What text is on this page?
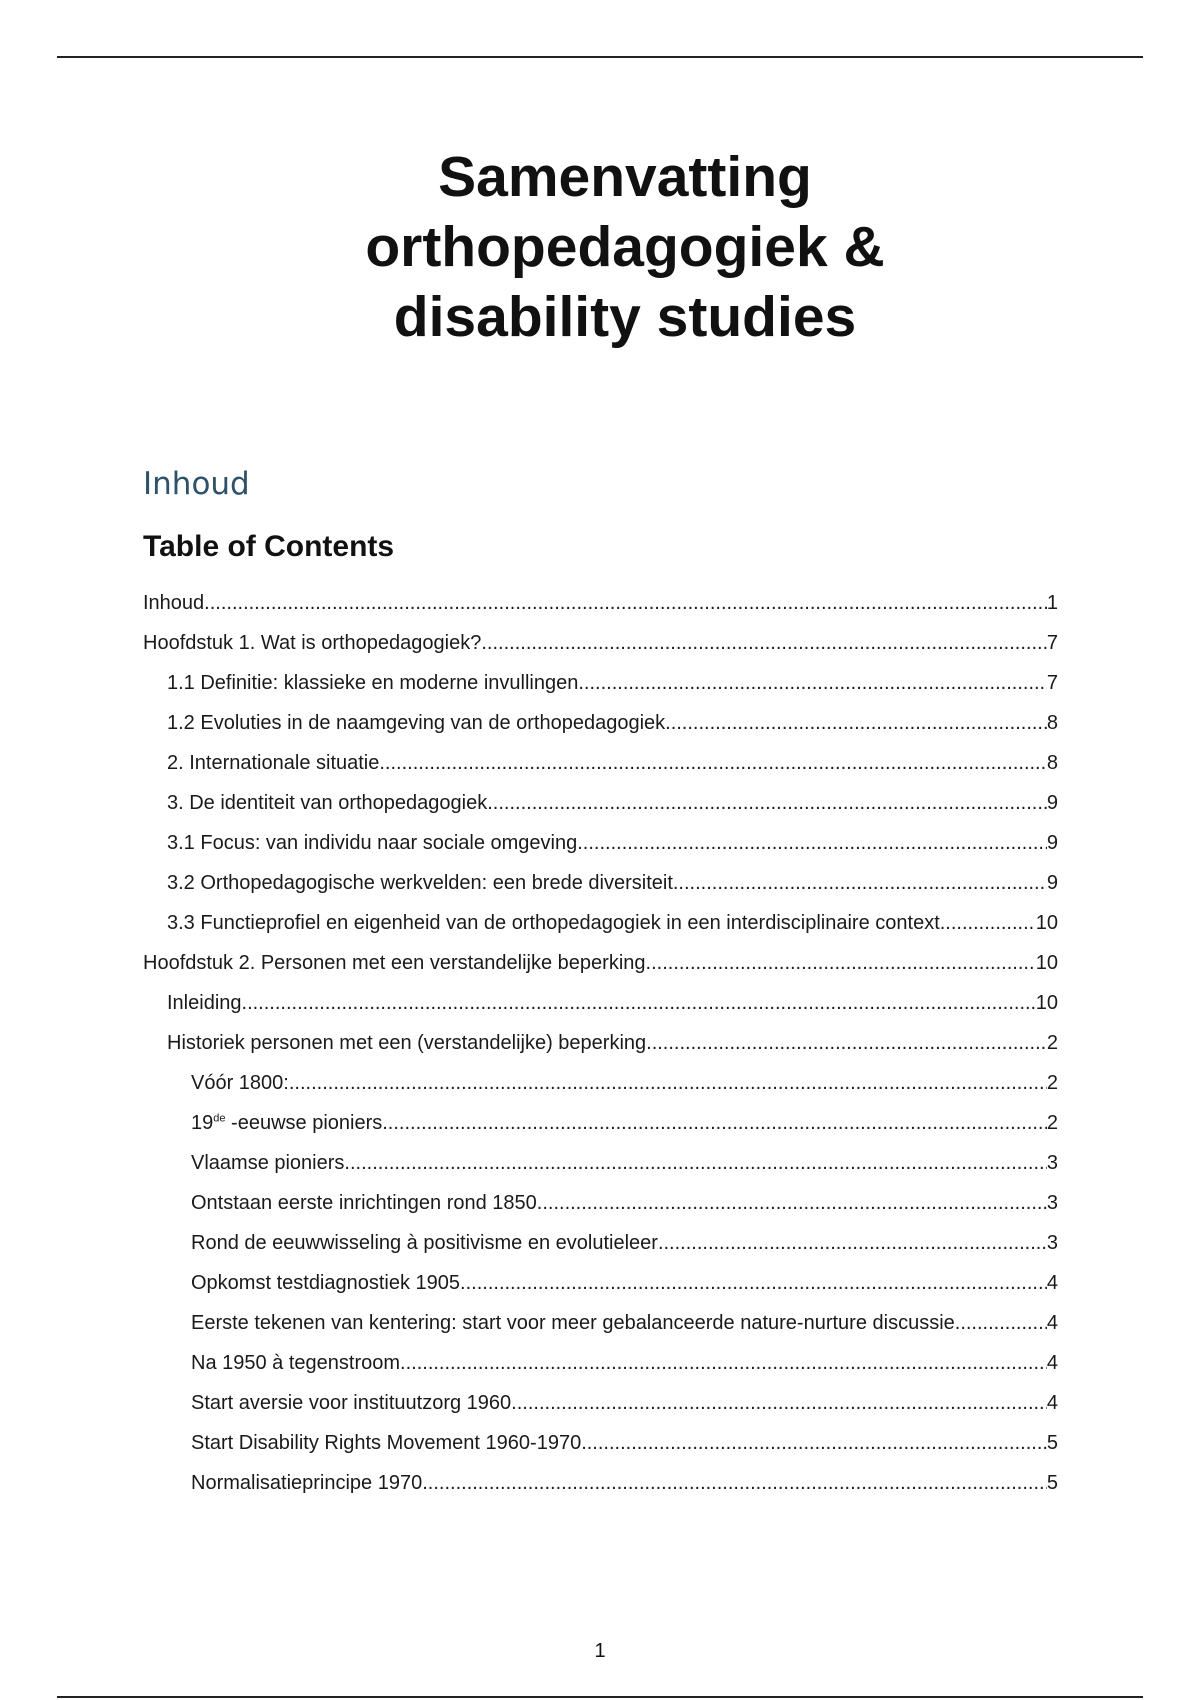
Samenvatting
orthopedagogiek &
disability studies
Inhoud
Table of Contents
Inhoud .....	1
Hoofdstuk 1. Wat is orthopedagogiek? .....	7
1.1 Definitie: klassieke en moderne invullingen .....	7
1.2 Evoluties in de naamgeving van de orthopedagogiek .....	8
2. Internationale situatie .....	8
3. De identiteit van orthopedagogiek .....	9
3.1 Focus: van individu naar sociale omgeving .....	9
3.2 Orthopedagogische werkvelden: een brede diversiteit .....	9
3.3 Functieprofiel en eigenheid van de orthopedagogiek in een interdisciplinaire context .....	10
Hoofdstuk 2. Personen met een verstandelijke beperking .....	10
Inleiding .....	10
Historiek personen met een (verstandelijke) beperking .....	2
Vóór 1800: .....	2
19de -eeuwse pioniers .....	2
Vlaamse pioniers .....	3
Ontstaan eerste inrichtingen rond 1850 .....	3
Rond de eeuwwisseling à positivisme en evolutieleer .....	3
Opkomst testdiagnostiek 1905 .....	4
Eerste tekenen van kentering: start voor meer gebalanceerde nature-nurture discussie .....	4
Na 1950 à tegenstroom .....	4
Start aversie voor instituutzorg 1960 .....	4
Start Disability Rights Movement 1960-1970 .....	5
Normalisatieprincipe 1970 .....	5
1
